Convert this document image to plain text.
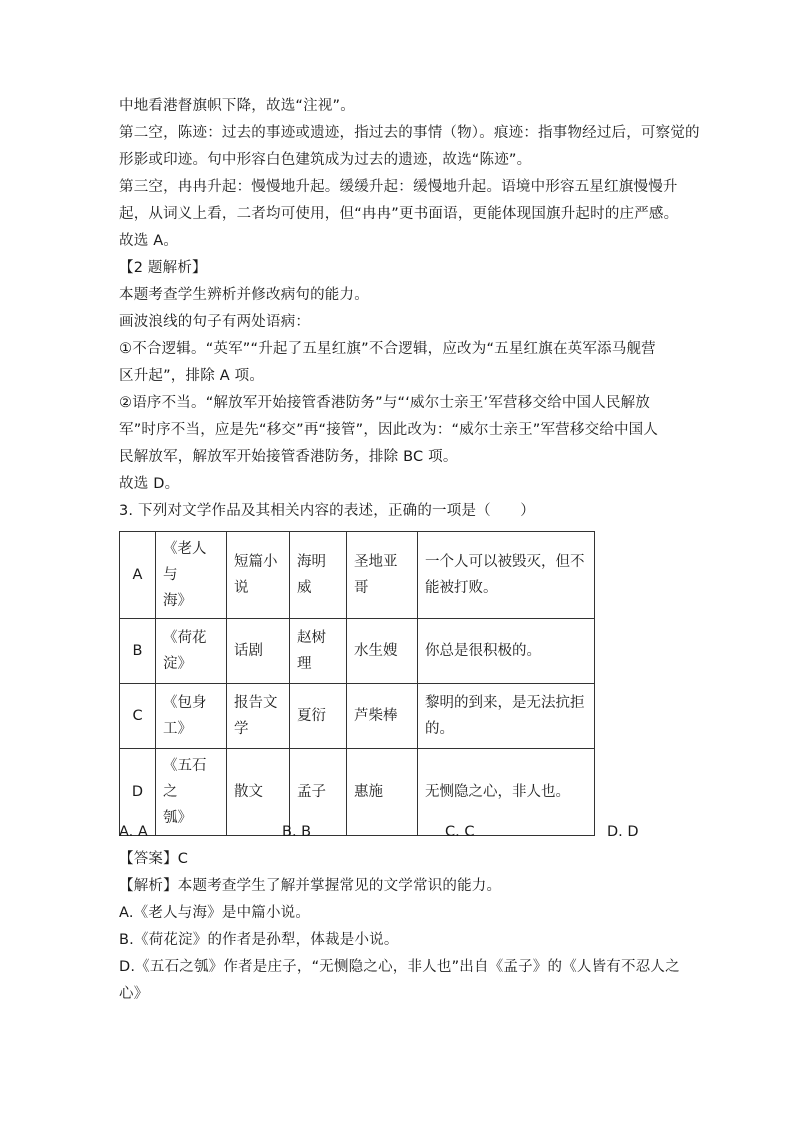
中地看港督旗帜下降，故选“注视”。
第二空，陈迹：过去的事迹或遗迹，指过去的事情（物）。痕迹：指事物经过后，可察觉的
形影或印迹。句中形容白色建筑成为过去的遗迹，故选“陈迹”。
第三空，冉冉升起：慢慢地升起。缓缓升起：缓慢地升起。语境中形容五星红旗慢慢升
起，从词义上看，二者均可使用，但“冉冉”更书面语，更能体现国旗升起时的庄严感。
故选 A。
【2 题解析】
本题考查学生辨析并修改病句的能力。
画波浪线的句子有两处语病：
①不合逻辑。“英军”“升起了五星红旗”不合逻辑，应改为“五星红旗在英军添马舰营
区升起”，排除 A 项。
②语序不当。“解放军开始接管香港防务”与“‘威尔士亲王’军营移交给中国人民解放
军”时序不当，应是先“移交”再“接管”，因此改为：“威尔士亲王”军营移交给中国人
民解放军，解放军开始接管香港防务，排除 BC 项。
故选 D。
3. 下列对文学作品及其相关内容的表述，正确的一项是（　　）
A	《老人与
海》	短篇小
说	海明
威	圣地亚
哥	一个人可以被毁灭，但不
能被打败。
B	《荷花
淀》	话剧	赵树
理	水生嫂	你总是很积极的。
C	《包身
工》	报告文
学	夏衍	芦柴棒	黎明的到来，是无法抗拒
的。
D	《五石之
瓠》	散文	孟子	惠施	无恻隐之心，非人也。
A. A	B. B	C. C	D. D
【答案】C
【解析】本题考查学生了解并掌握常见的文学常识的能力。
A.《老人与海》是中篇小说。
B.《荷花淀》的作者是孙犁，体裁是小说。
D.《五石之瓠》作者是庄子，“无恻隐之心，非人也”出自《孟子》的《人皆有不忍人之
心》
